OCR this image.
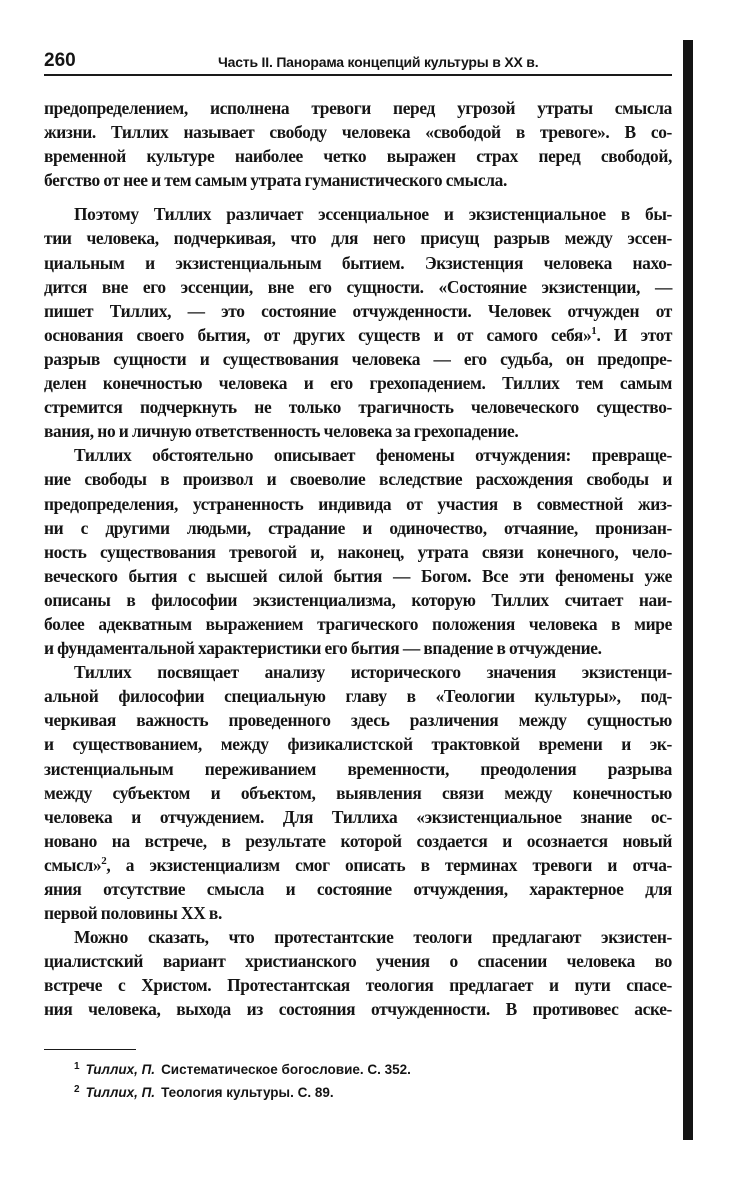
260	Часть II. Панорама концепций культуры в XX в.
предопределением, исполнена тревоги перед угрозой утраты смысла
жизни. Тиллих называет свободу человека «свободой в тревоге». В со-
временной культуре наиболее четко выражен страх перед свободой,
бегство от нее и тем самым утрата гуманистического смысла.
Поэтому Тиллих различает эссенциальное и экзистенциальное в бы-
тии человека, подчеркивая, что для него присущ разрыв между эссен-
циальным и экзистенциальным бытием. Экзистенция человека нахо-
дится вне его эссенции, вне его сущности. «Состояние экзистенции, —
пишет Тиллих, — это состояние отчужденности. Человек отчужден от
основания своего бытия, от других существ и от самого себя»$^1$. И этот
разрыв сущности и существования человека — его судьба, он предопре-
делен конечностью человека и его грехопадением. Тиллих тем самым
стремится подчеркнуть не только трагичность человеческого существо-
вания, но и личную ответственность человека за грехопадение.
Тиллих обстоятельно описывает феномены отчуждения: превраще-
ние свободы в произвол и своеволие вследствие расхождения свободы и
предопределения, устраненность индивида от участия в совместной жиз-
ни с другими людьми, страдание и одиночество, отчаяние, пронизан-
ность существования тревогой и, наконец, утрата связи конечного, чело-
веческого бытия с высшей силой бытия — Богом. Все эти феномены уже
описаны в философии экзистенциализма, которую Тиллих считает наи-
более адекватным выражением трагического положения человека в мире
и фундаментальной характеристики его бытия — впадение в отчуждение.
Тиллих посвящает анализу исторического значения экзистенци-
альной философии специальную главу в «Теологии культуры», под-
черкивая важность проведенного здесь различения между сущностью
и существованием, между физикалистской трактовкой времени и эк-
зистенциальным переживанием временности, преодоления разрыва
между субъектом и объектом, выявления связи между конечностью
человека и отчуждением. Для Тиллиха «экзистенциальное знание ос-
новано на встрече, в результате которой создается и осознается новый
смысл»$^2$, а экзистенциализм смог описать в терминах тревоги и отча-
яния отсутствие смысла и состояние отчуждения, характерное для
первой половины XX в.
Можно сказать, что протестантские теологи предлагают экзистен-
циалистский вариант христианского учения о спасении человека во
встрече с Христом. Протестантская теология предлагает и пути спасе-
ния человека, выхода из состояния отчужденности. В противовес аске-
$^1$ Тиллих, П. Систематическое богословие. С. 352.
$^2$ Тиллих, П. Теология культуры. С. 89.
